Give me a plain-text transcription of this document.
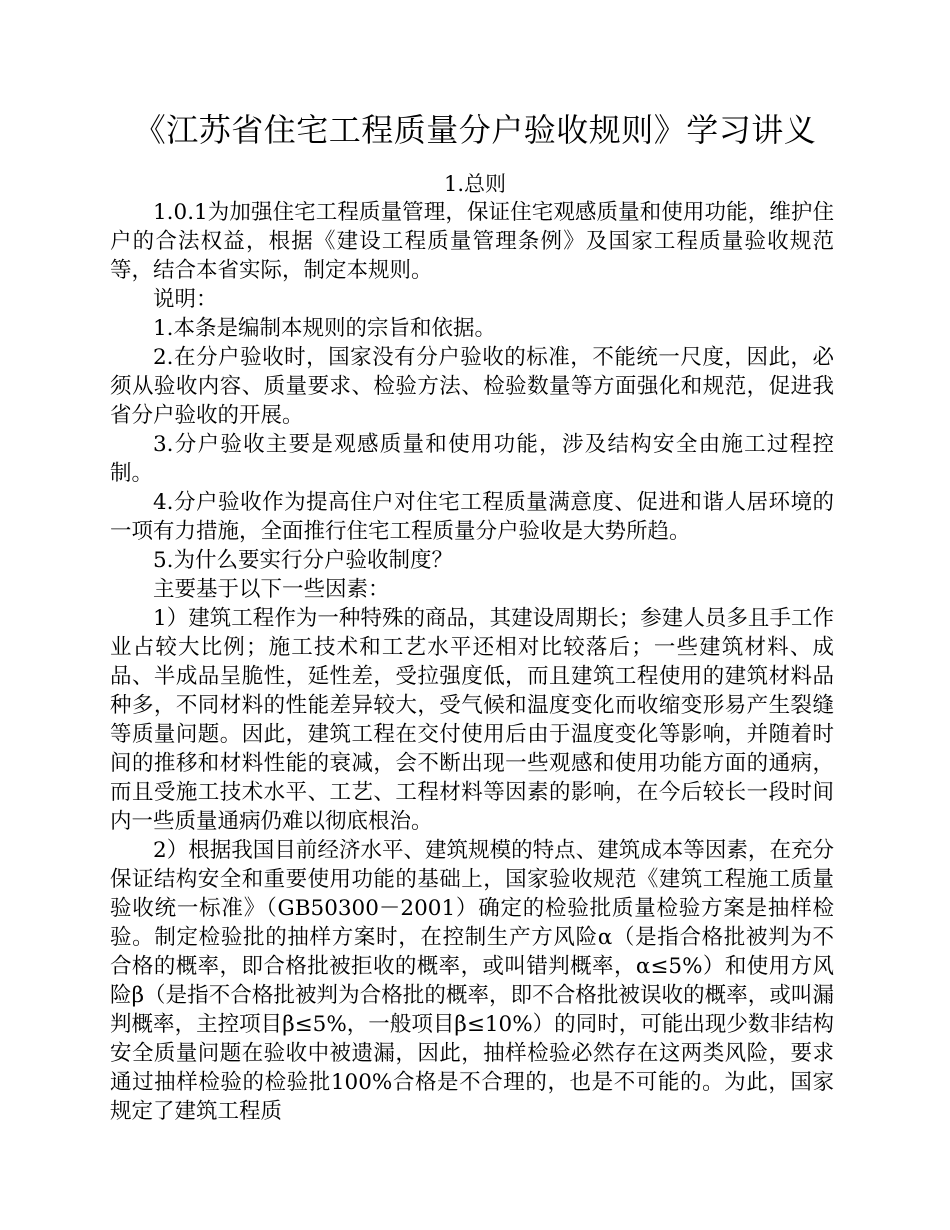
《江苏省住宅工程质量分户验收规则》学习讲义
1.总则

1.0.1为加强住宅工程质量管理，保证住宅观感质量和使用功能，维护住户的合法权益，根据《建设工程质量管理条例》及国家工程质量验收规范等，结合本省实际，制定本规则。

说明：

1.本条是编制本规则的宗旨和依据。

2.在分户验收时，国家没有分户验收的标准，不能统一尺度，因此，必须从验收内容、质量要求、检验方法、检验数量等方面强化和规范，促进我省分户验收的开展。

3.分户验收主要是观感质量和使用功能，涉及结构安全由施工过程控制。

4.分户验收作为提高住户对住宅工程质量满意度、促进和谐人居环境的一项有力措施，全面推行住宅工程质量分户验收是大势所趋。

5.为什么要实行分户验收制度？

主要基于以下一些因素：

1）建筑工程作为一种特殊的商品，其建设周期长；参建人员多且手工作业占较大比例；施工技术和工艺水平还相对比较落后；一些建筑材料、成品、半成品呈脆性，延性差，受拉强度低，而且建筑工程使用的建筑材料品种多，不同材料的性能差异较大，受气候和温度变化而收缩变形易产生裂缝等质量问题。因此，建筑工程在交付使用后由于温度变化等影响，并随着时间的推移和材料性能的衰减，会不断出现一些观感和使用功能方面的通病，而且受施工技术水平、工艺、工程材料等因素的影响，在今后较长一段时间内一些质量通病仍难以彻底根治。

2）根据我国目前经济水平、建筑规模的特点、建筑成本等因素，在充分保证结构安全和重要使用功能的基础上，国家验收规范《建筑工程施工质量验收统一标准》（GB50300－2001）确定的检验批质量检验方案是抽样检验。制定检验批的抽样方案时，在控制生产方风险α（是指合格批被判为不合格的概率，即合格批被拒收的概率，或叫错判概率，α≤5%）和使用方风险β（是指不合格批被判为合格批的概率，即不合格批被误收的概率，或叫漏判概率，主控项目β≤5%，一般项目β≤10%）的同时，可能出现少数非结构安全质量问题在验收中被遗漏，因此，抽样检验必然存在这两类风险，要求通过抽样检验的检验批100%合格是不合理的，也是不可能的。为此，国家规定了建筑工程质
